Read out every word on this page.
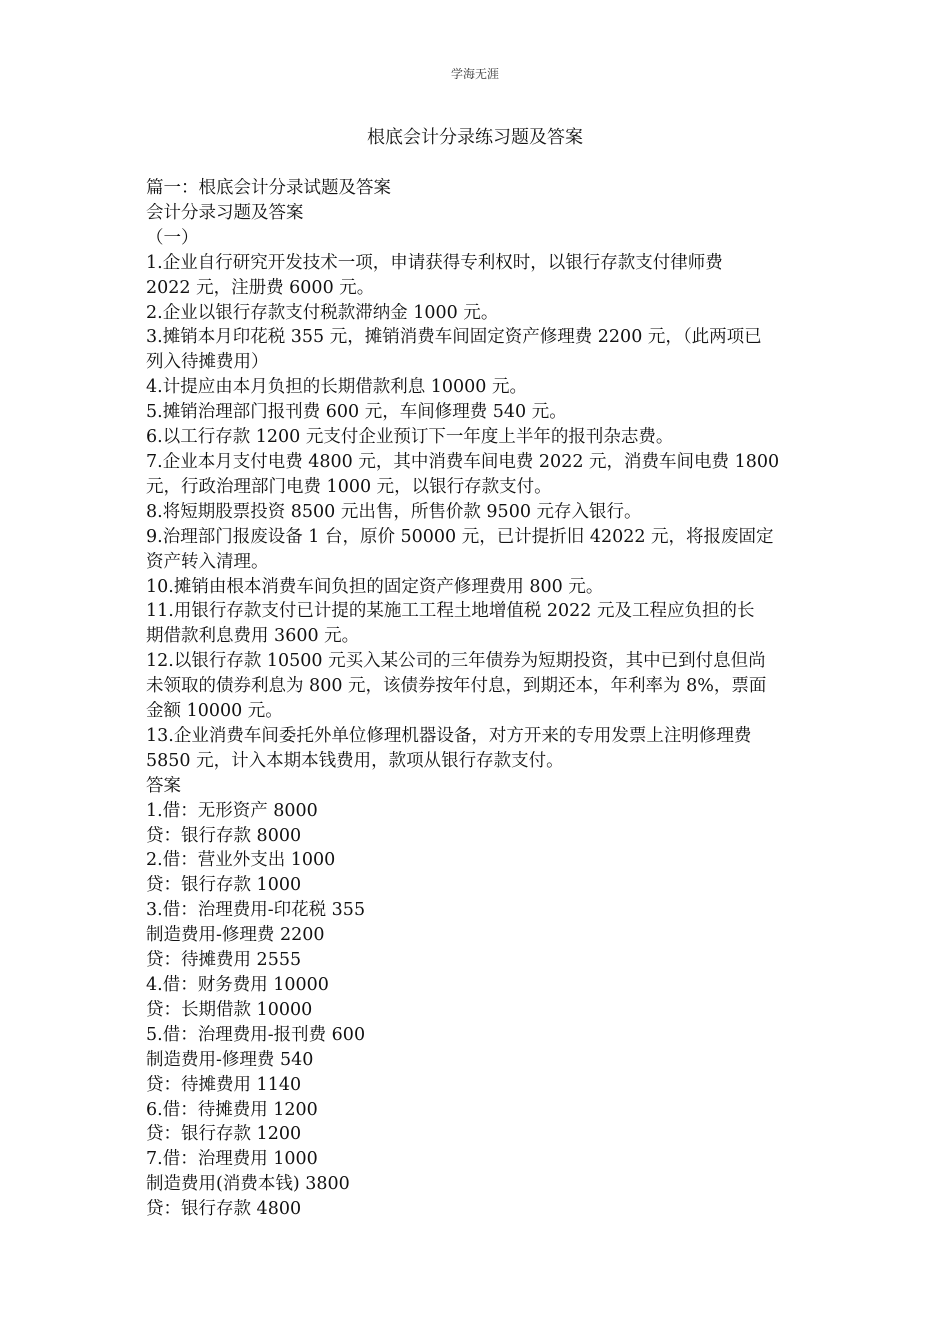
学海无涯
根底会计分录练习题及答案

篇一：根底会计分录试题及答案

会计分录习题及答案

（一）

1.企业自行研究开发技术一项，申请获得专利权时，以银行存款支付律师费

2022 元，注册费 6000 元。

2.企业以银行存款支付税款滞纳金 1000 元。

3.摊销本月印花税 355 元，摊销消费车间固定资产修理费 2200 元，（此两项已

列入待摊费用）

4.计提应由本月负担的长期借款利息 10000 元。

5.摊销治理部门报刊费 600 元，车间修理费 540 元。

6.以工行存款 1200 元支付企业预订下一年度上半年的报刊杂志费。

7.企业本月支付电费 4800 元，其中消费车间电费 2022 元，消费车间电费 1800

元，行政治理部门电费 1000 元，以银行存款支付。

8.将短期股票投资 8500 元出售，所售价款 9500 元存入银行。

9.治理部门报废设备 1 台，原价 50000 元，已计提折旧 42022 元，将报废固定

资产转入清理。

10.摊销由根本消费车间负担的固定资产修理费用 800 元。

11.用银行存款支付已计提的某施工工程土地增值税 2022 元及工程应负担的长

期借款利息费用 3600 元。

12.以银行存款 10500 元买入某公司的三年债券为短期投资，其中已到付息但尚

未领取的债券利息为 800 元，该债券按年付息，到期还本，年利率为 8%，票面

金额 10000 元。

13.企业消费车间委托外单位修理机器设备，对方开来的专用发票上注明修理费

5850 元，计入本期本钱费用，款项从银行存款支付。

答案

1.借：无形资产 8000

贷：银行存款 8000

2.借：营业外支出 1000

贷：银行存款 1000

3.借：治理费用-印花税 355

制造费用-修理费 2200

贷：待摊费用 2555

4.借：财务费用 10000

贷：长期借款 10000

5.借：治理费用-报刊费 600

制造费用-修理费 540

贷：待摊费用 1140

6.借：待摊费用 1200

贷：银行存款 1200

7.借：治理费用 1000

制造费用(消费本钱) 3800

贷：银行存款 4800
